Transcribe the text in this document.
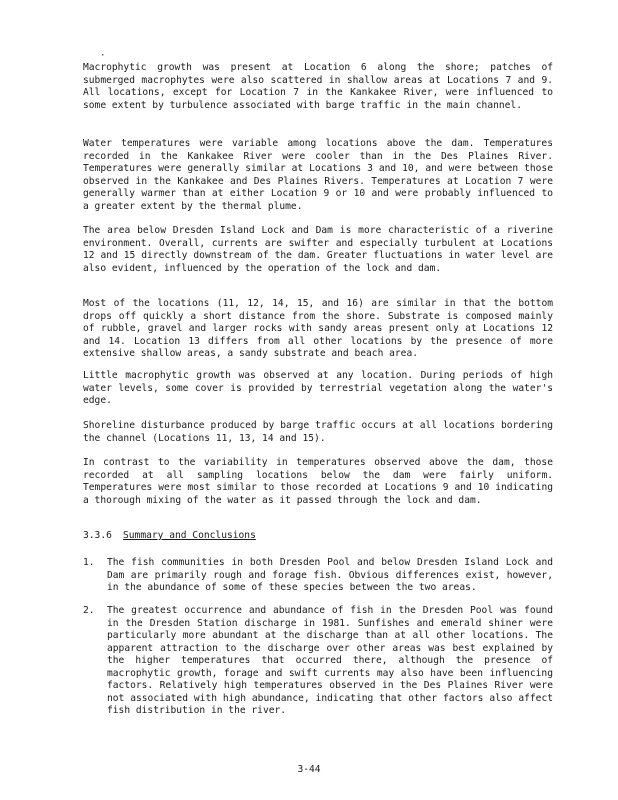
·

Macrophytic growth was present at Location 6 along the shore; patches of submerged macrophytes were also scattered in shallow areas at Locations 7 and 9. All locations, except for Location 7 in the Kankakee River, were influenced to some extent by turbulence associated with barge traffic in the main channel.

Water temperatures were variable among locations above the dam. Temperatures recorded in the Kankakee River were cooler than in the Des Plaines River. Temperatures were generally similar at Locations 3 and 10, and were between those observed in the Kankakee and Des Plaines Rivers. Temperatures at Location 7 were generally warmer than at either Location 9 or 10 and were probably influenced to a greater extent by the thermal plume.

The area below Dresden Island Lock and Dam is more characteristic of a riverine environment. Overall, currents are swifter and especially turbulent at Locations 12 and 15 directly downstream of the dam. Greater fluctuations in water level are also evident, influenced by the operation of the lock and dam.

Most of the locations (11, 12, 14, 15, and 16) are similar in that the bottom drops off quickly a short distance from the shore. Substrate is composed mainly of rubble, gravel and larger rocks with sandy areas present only at Locations 12 and 14. Location 13 differs from all other locations by the presence of more extensive shallow areas, a sandy substrate and beach area.

Little macrophytic growth was observed at any location. During periods of high water levels, some cover is provided by terrestrial vegetation along the water's edge.

Shoreline disturbance produced by barge traffic occurs at all locations bordering the channel (Locations 11, 13, 14 and 15).

In contrast to the variability in temperatures observed above the dam, those recorded at all sampling locations below the dam were fairly uniform. Temperatures were most similar to those recorded at Locations 9 and 10 indicating a thorough mixing of the water as it passed through the lock and dam.

3.3.6 Summary and Conclusions
1.	The fish communities in both Dresden Pool and below Dresden Island Lock and Dam are primarily rough and forage fish. Obvious differences exist, however, in the abundance of some of these species between the two areas.

2.	The greatest occurrence and abundance of fish in the Dresden Pool was found in the Dresden Station discharge in 1981. Sunfishes and emerald shiner were particularly more abundant at the discharge than at all other locations. The apparent attraction to the discharge over other areas was best explained by the higher temperatures that occurred there, although the presence of macrophytic growth, forage and swift currents may also have been influencing factors. Relatively high temperatures observed in the Des Plaines River were not associated with high abundance, indicating that other factors also affect fish distribution in the river.

3-44
